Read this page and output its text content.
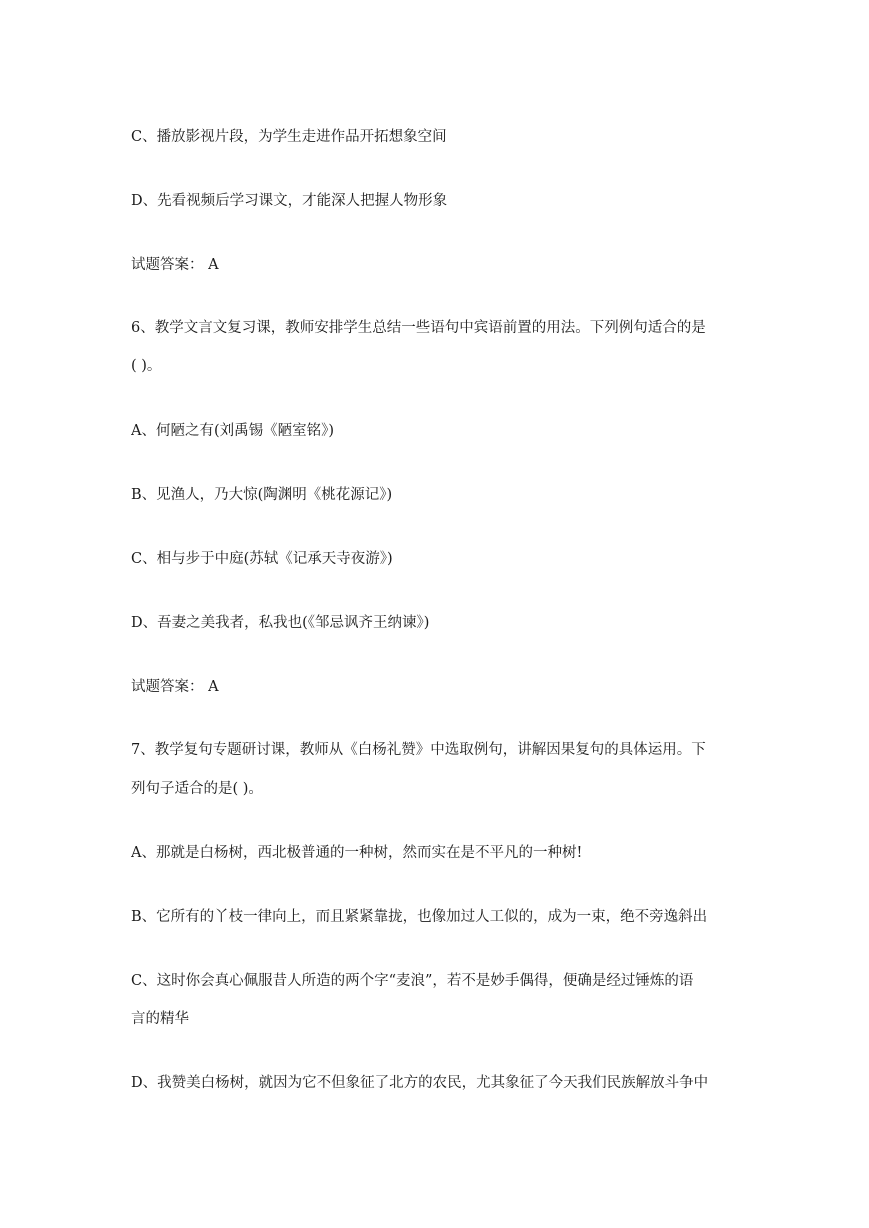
C、播放影视片段，为学生走进作品开拓想象空间
D、先看视频后学习课文，才能深人把握人物形象
试题答案： A
6、教学文言文复习课，教师安排学生总结一些语句中宾语前置的用法。下列例句适合的是
( )。
A、何陋之有(刘禹锡《陋室铭》)
B、见渔人，乃大惊(陶渊明《桃花源记》)
C、相与步于中庭(苏轼《记承天寺夜游》)
D、吾妻之美我者，私我也(《邹忌讽齐王纳谏》)
试题答案： A
7、教学复句专题研讨课，教师从《白杨礼赞》中选取例句，讲解因果复句的具体运用。下
列句子适合的是( )。
A、那就是白杨树，西北极普通的一种树，然而实在是不平凡的一种树!
B、它所有的丫枝一律向上，而且紧紧靠拢，也像加过人工似的，成为一束，绝不旁逸斜出
C、这时你会真心佩服昔人所造的两个字“麦浪”，若不是妙手偶得，便确是经过锤炼的语
言的精华
D、我赞美白杨树，就因为它不但象征了北方的农民，尤其象征了今天我们民族解放斗争中
